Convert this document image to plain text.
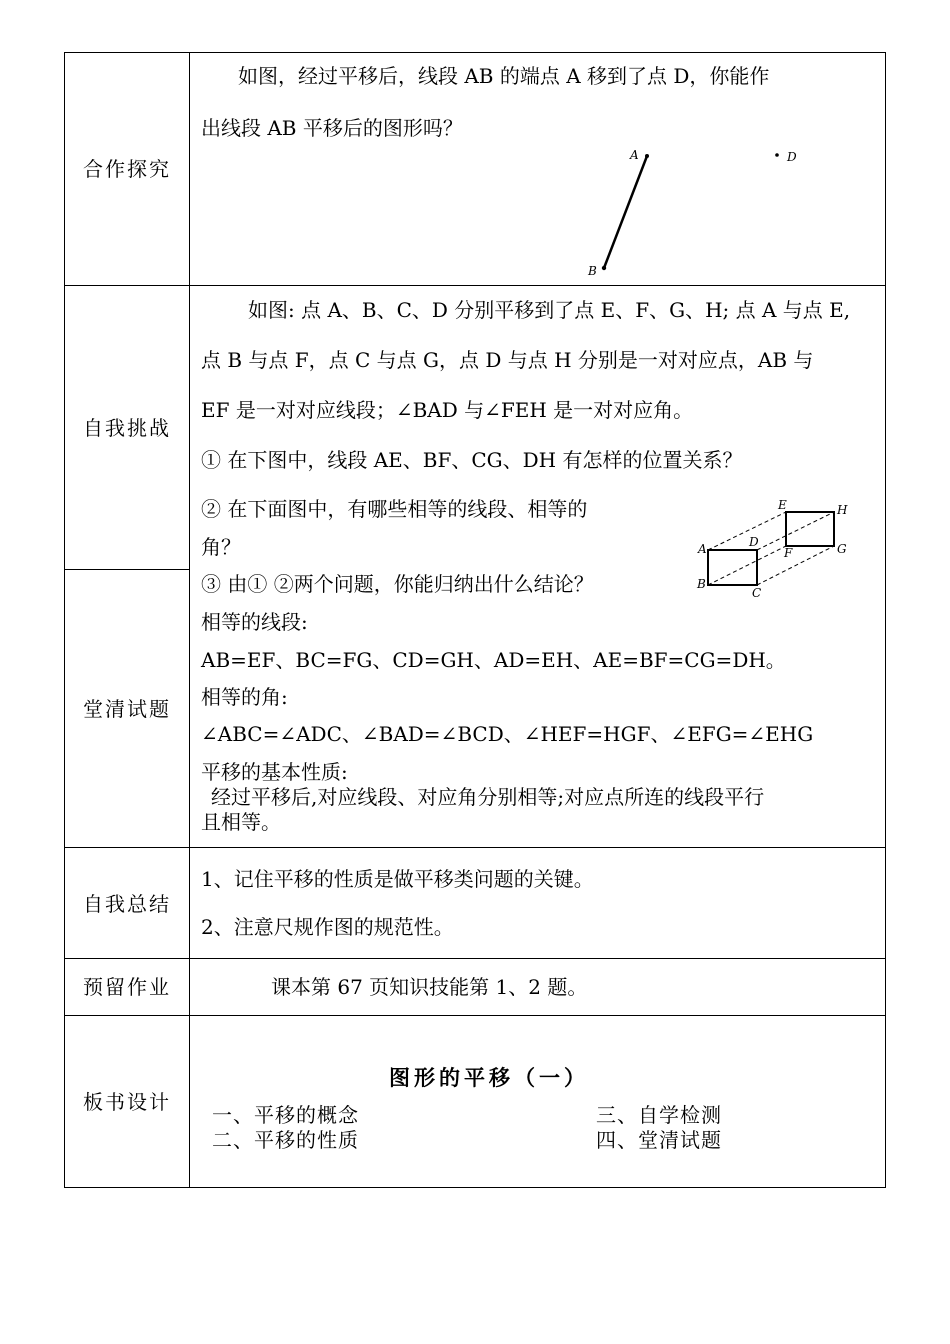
合作探究
如图，经过平移后，线段 AB 的端点 A 移到了点 D，你能作
出线段 AB 平移后的图形吗？
A
B
D
自我挑战
如图: 点 A、B、C、D 分别平移到了点 E、F、G、H; 点 A 与点 E,
点 B 与点 F，点 C 与点 G，点 D 与点 H 分别是一对对应点，AB 与
EF 是一对对应线段；∠BAD 与∠FEH 是一对对应角。
① 在下图中，线段 AE、BF、CG、DH 有怎样的位置关系？
② 在下面图中，有哪些相等的线段、相等的
角？
③ 由① ②两个问题，你能归纳出什么结论？
A
B
C
D
E
F	G
H
堂清试题
相等的线段:
AB=EF、BC=FG、CD=GH、AD=EH、AE=BF=CG=DH。
相等的角:
∠ABC=∠ADC、∠BAD=∠BCD、∠HEF=HGF、∠EFG=∠EHG
平移的基本性质:
经过平移后,对应线段、对应角分别相等;对应点所连的线段平行
且相等。
自我总结
1、记住平移的性质是做平移类问题的关键。
2、注意尺规作图的规范性。
预留作业	课本第 67 页知识技能第 1、2 题。
板书设计
图形的平移（一）
一、平移的概念
二、平移的性质
三、自学检测
四、堂清试题
